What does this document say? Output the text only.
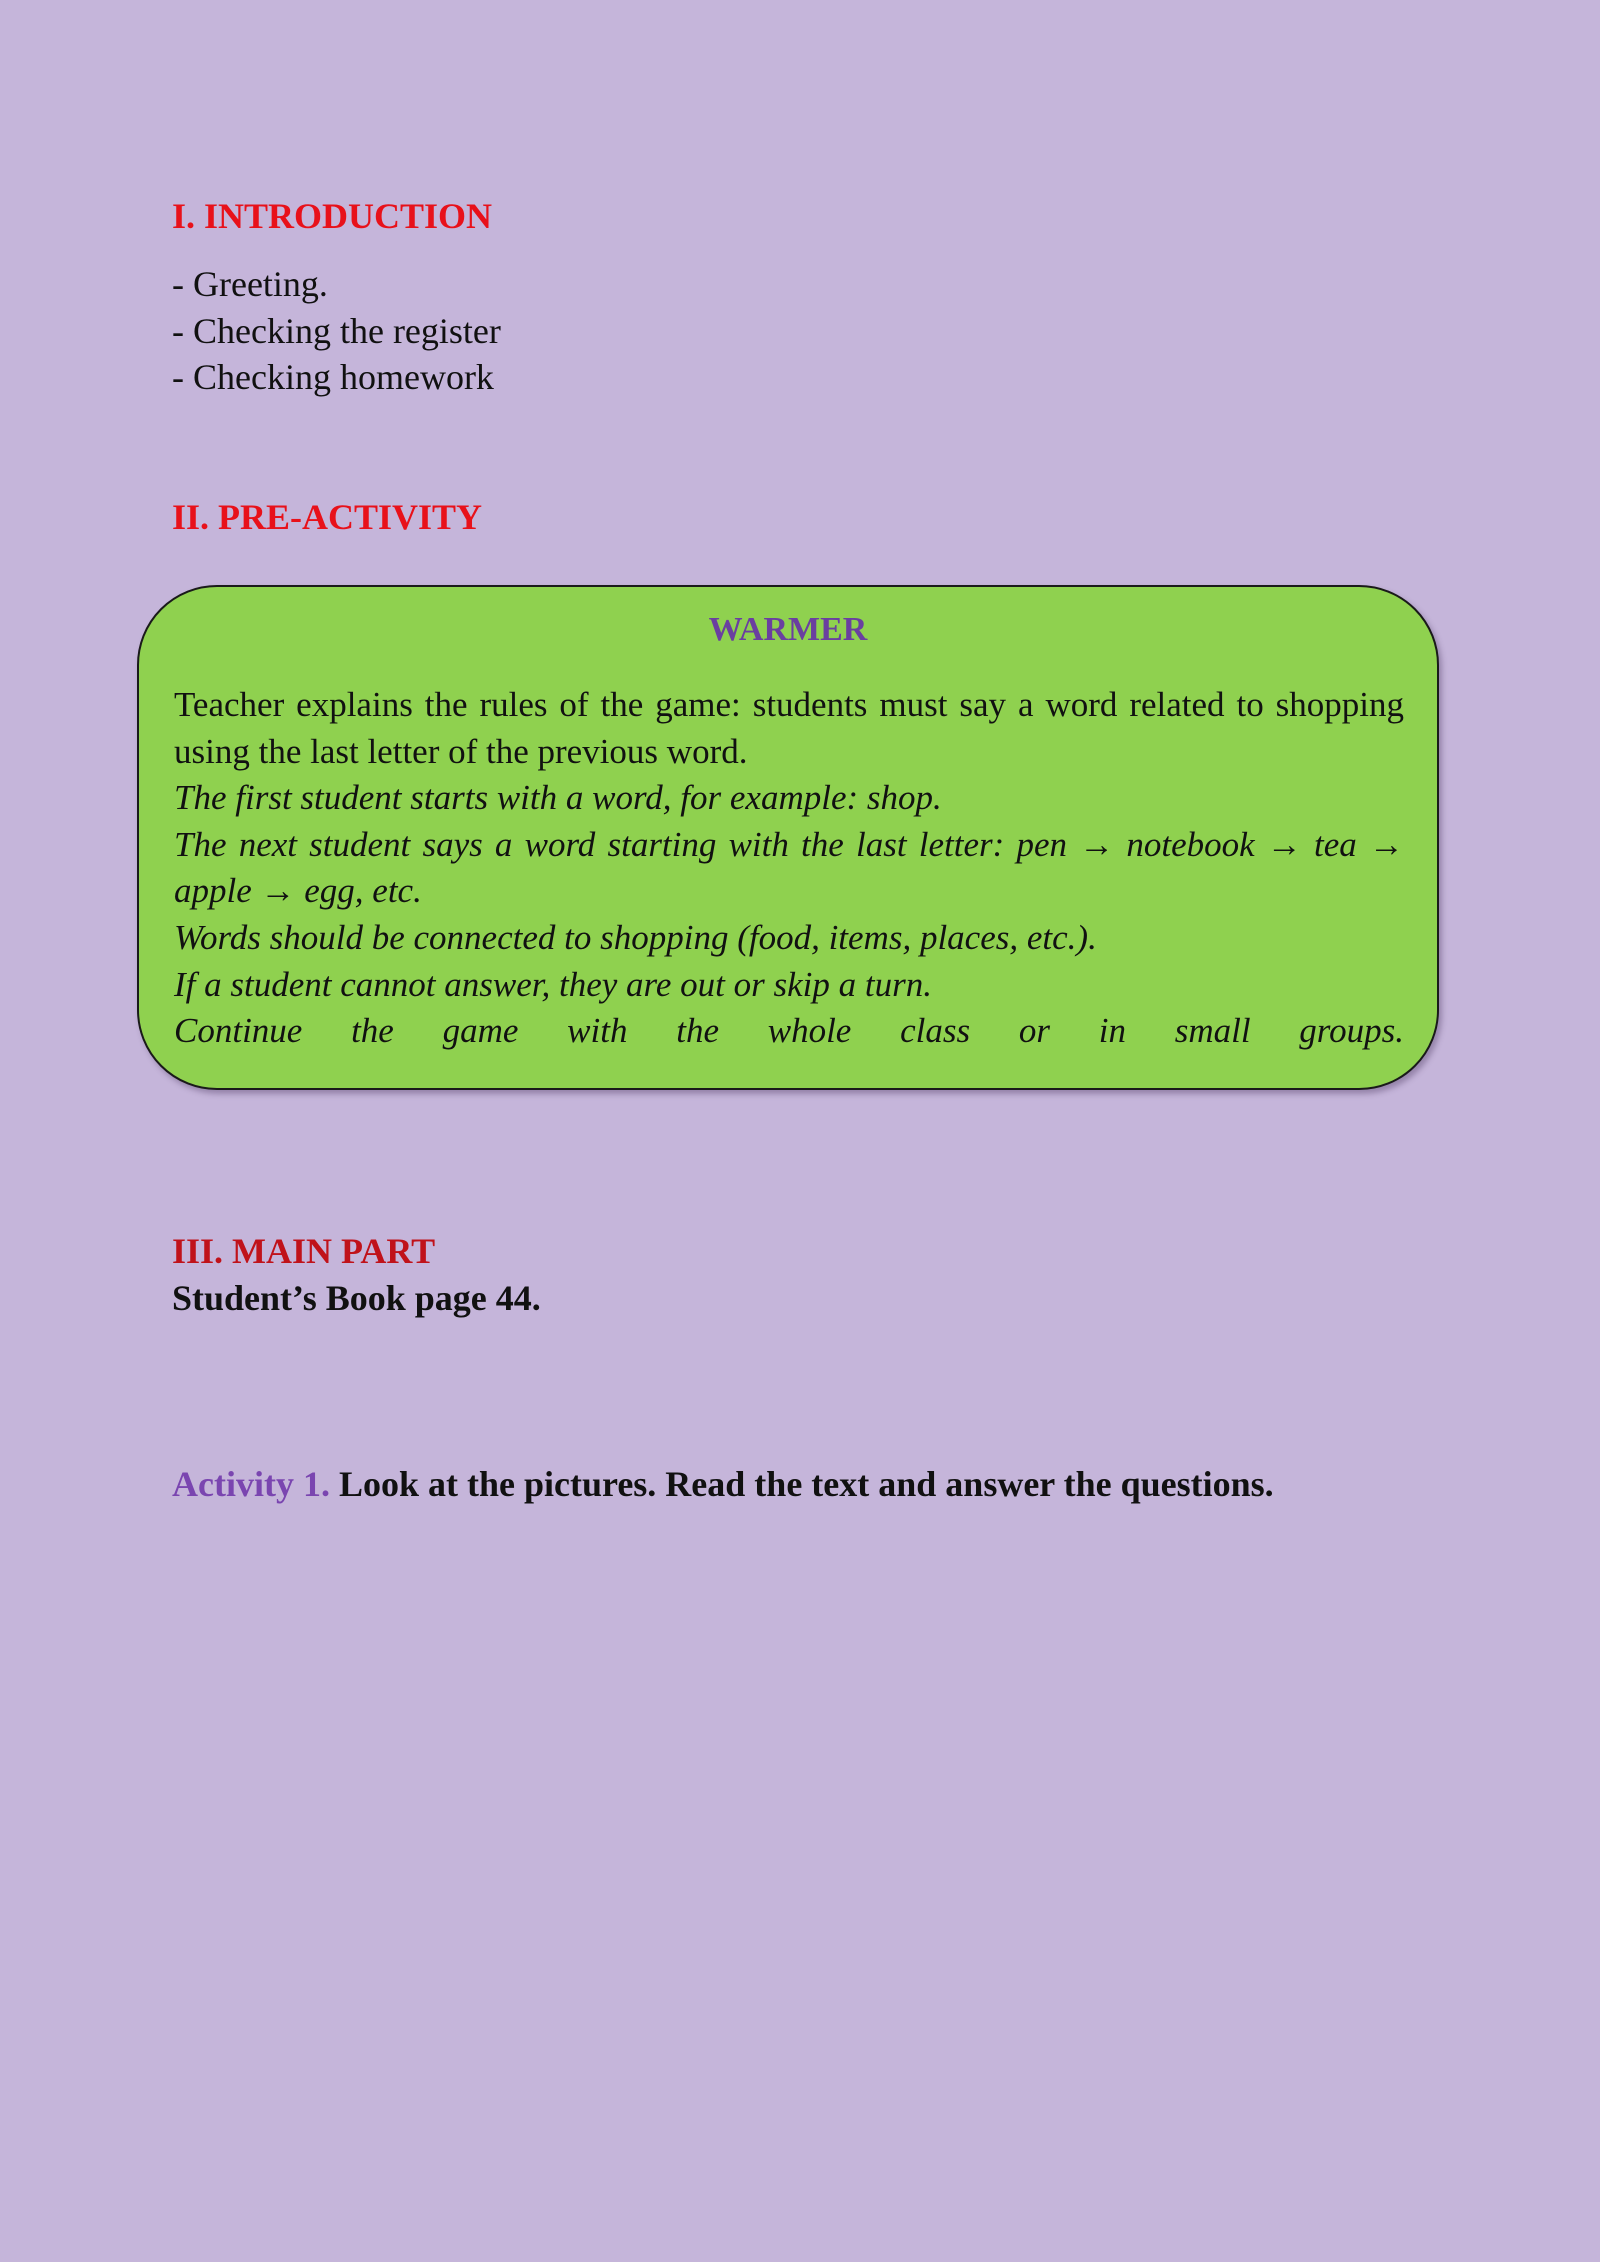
I. INTRODUCTION
- Greeting.
- Checking the register
- Checking homework
II. PRE-ACTIVITY
WARMER

Teacher explains the rules of the game: students must say a word related to shopping using the last letter of the previous word.

The first student starts with a word, for example: shop.

The next student says a word starting with the last letter: pen → notebook → tea → apple → egg, etc.

Words should be connected to shopping (food, items, places, etc.).

If a student cannot answer, they are out or skip a turn.

Continue the game with the whole class or in small groups.

III. MAIN PART

Student’s Book page 44.

Activity 1. Look at the pictures. Read the text and answer the questions.
